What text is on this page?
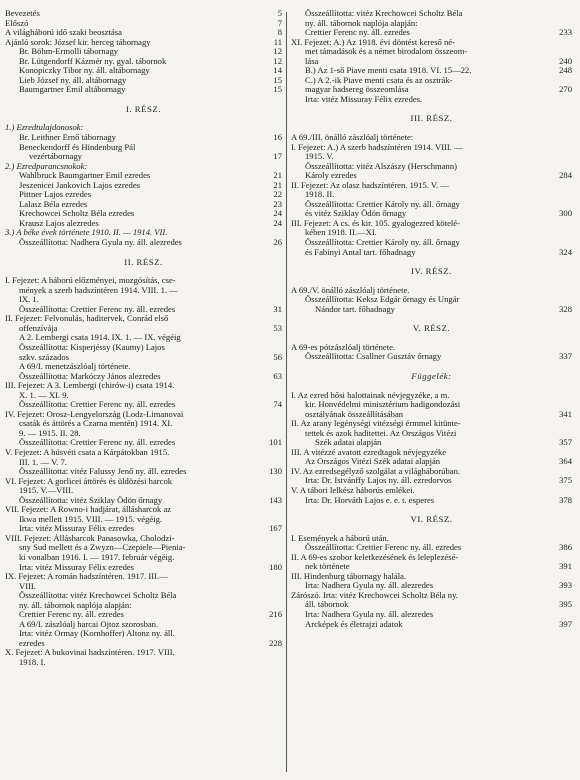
Bevezetés	5
Előszó	7
A világháború idő szaki beosztása	8
Ajánló sorok: József kir. herceg tábornagy	11
Br. Böhm-Ermolli tábornagy	12
Br. Lütgendorff Kázmér ny. gyal. tábornok	12
Konopiczky Tibor ny. áll. altábornagy	14
Lieb József ny. áll. altábornagy	15
Baumgartner Emil altábornagy	15
I. RÉSZ.
1.) Ezredtulajdonosok:
Br. Leithner Ernő tábornagy	16
Beneckendorff és Hindenburg Pál
vezértábornagy	17
2.) Ezredparancsnokok:
Wahlbruck Baumgartner Emil ezredes	21
Jeszenicei Jankovich Lajos ezredes	21
Pittner Lajos ezredes	22
Lalasz Béla ezredes	23
Krechowcei Scholtz Béla ezredes	24
Krausz Lajos alezredes	24
3.) A béke évek története 1910. II. — 1914. VII.
Összeállította: Nadhera Gyula ny. áll. alezredes	26
II. RÉSZ.
I. Fejezet: A háború előzményei, mozgósítás, cse-
mények a szerb hadszíntéren 1914. VIII. 1. —
IX. 1.
Összeállította: Crettier Ferenc ny. áll. ezredes	31
II. Fejezet: Felvonulás, haditervek, Conrád első
offenzívája	53
A 2. Lembergi csata 1914. IX. 1. — IX. végéig
Összeállította: Kisperjéssy (Kaumy) Lajos
szkv. százados	56
A 69/I. menetzászlóalj története.
Összeállította: Markóczy János alezredes	63
III. Fejezet: A 3. Lembergi (chirów-i) csata 1914.
X. 1. — XI. 9.
Összeállította: Crettier Ferenc ny. áll. ezredes	74
IV. Fejezet: Orosz-Lengyelország (Lodz-Limanovai
csaták és áttörés a Czarna mentén) 1914. XI.
9. — 1915. II. 28.
Összeállította: Crettier Ferenc ny. áll. ezredes	101
V. Fejezet: A húsvéti csata a Kárpátokban 1915.
III. 1. — V. 7.
Összeállította: vitéz Falussy Jenő ny. áll. ezredes	130
VI. Fejezet: A gorlicei áttörés és üldözési harcok
1915. V.—VIII.
Összeállította: vitéz Sziklay Ödön őrnagy	143
VII. Fejezet: A Rowno-i hadjárat, állásharcok az
Ikwa mellett 1915. VIII. — 1915. végéig.
Irta: vitéz Missuray Félix ezredes	167
VIII. Fejezet: Állásharcok Panasowka, Cholodzi-
sny Sud mellett és a Zwyzn—Czepiele—Pienia-
ki vonalban 1916. I. — 1917. február végéig.
Irta: vitéz Missuray Félix ezredes	180
IX. Fejezet: A román hadszíntéren. 1917. III.—
VIII.
Összeállította: vitéz Krechowcei Scholtz Béla
ny. áll. tábornok naplója alapján:
Crettier Ferenc ny. áll. ezredes	216
A 69/I. zászlóalj harcai Ojtoz szorosban.
Irta: vitéz Ormay (Kornhoffer) Altonz ny. áll.
ezredes	228
X. Fejezet: A bukovinai hadszíntéren. 1917. VIII.
1918. I.
Összeállította: vitéz Krechowcei Scholtz Béla
ny. áll. tábornok naplója alapján:
Crettier Ferenc ny. áll. ezredes	233
XI. Fejezet: A.) Az 1918. évi döntést kereső né-
met támadások és a német birodalom összeom-
lása	240
B.) Az 1-ső Piave menti csata 1918. VI. 15—22.	248
C.) A 2.-ik Piave menti csata és az osztrák-
magyar hadsereg összeomlása	270
Irta: vitéz Missuray Félix ezredes.
III. RÉSZ.
A 69./III. önálló zászlóalj története:
I. Fejezet: A.) A szerb hadszíntéren 1914. VIII. —
1915. V.
Összeállította: vitéz Alszászy (Herschmann)
Károly ezredes	284
II. Fejezet: Az olasz hadszíntéren. 1915. V. —
1918. II.
Összeállította: Crettier Károly ny. áll. őrnagy
és vitéz Sziklay Ödön őrnagy	300
III. Fejezet: A cs. és kir. 105. gyalogezred kötelé-
kében 1918. II.—XI.
Összeállította: Crettier Károly ny. áll. őrnagy
és Fabinyi Antal tart. főhadnagy	324
IV. RÉSZ.
A 69./V. önálló zászlóalj története.
Összeállította: Keksz Edgár őrnagy és Ungár
Nándor tart. főhadnagy	328
V. RÉSZ.
A 69-es pótzászlóalj története.
Összeállította: Csallner Gusztáv őrnagy	337
Függelék:
I. Az ezred hősi halottainak névjegyzéke, a m.
kir. Honvédelmi minisztérium hadigondozási
osztályának összeállításában	341
II. Az arany legénységi vitézségi érmmel kitünte-
tettek és azok haditettei. Az Országos Vitézi
Szék adatai alapján	357
III. A vitézzé avatott ezredtagok névjegyzéke
Az Országos Vitézi Szék adatai alapján	364
IV. Az ezredsegélyző szolgálat a világháborúban.
Irta: Dr. Istvánffy Lajos ny. áll. ezredorvos	375
V. A tábori lelkész háborús emlékei.
Irta: Dr. Horváth Lajos e. e. t. esperes	378
VI. RÉSZ.
I. Események a háború után.
Összeállította: Crettier Ferenc ny. áll. ezredes	386
II. A 69-es szobor keletkezésének és leleplezésé-
nek története	391
III. Hindenburg tábornagy halála.
Irta: Nadhera Gyula ny. áll. alezredes	393
Zárószó. Irta: vitéz Krechowcei Scholtz Béla ny.
áll. tábornok	395
Irta: Nadhera Gyula ny. áll. alezredes
Arcképek és életrajzi adatok	397
